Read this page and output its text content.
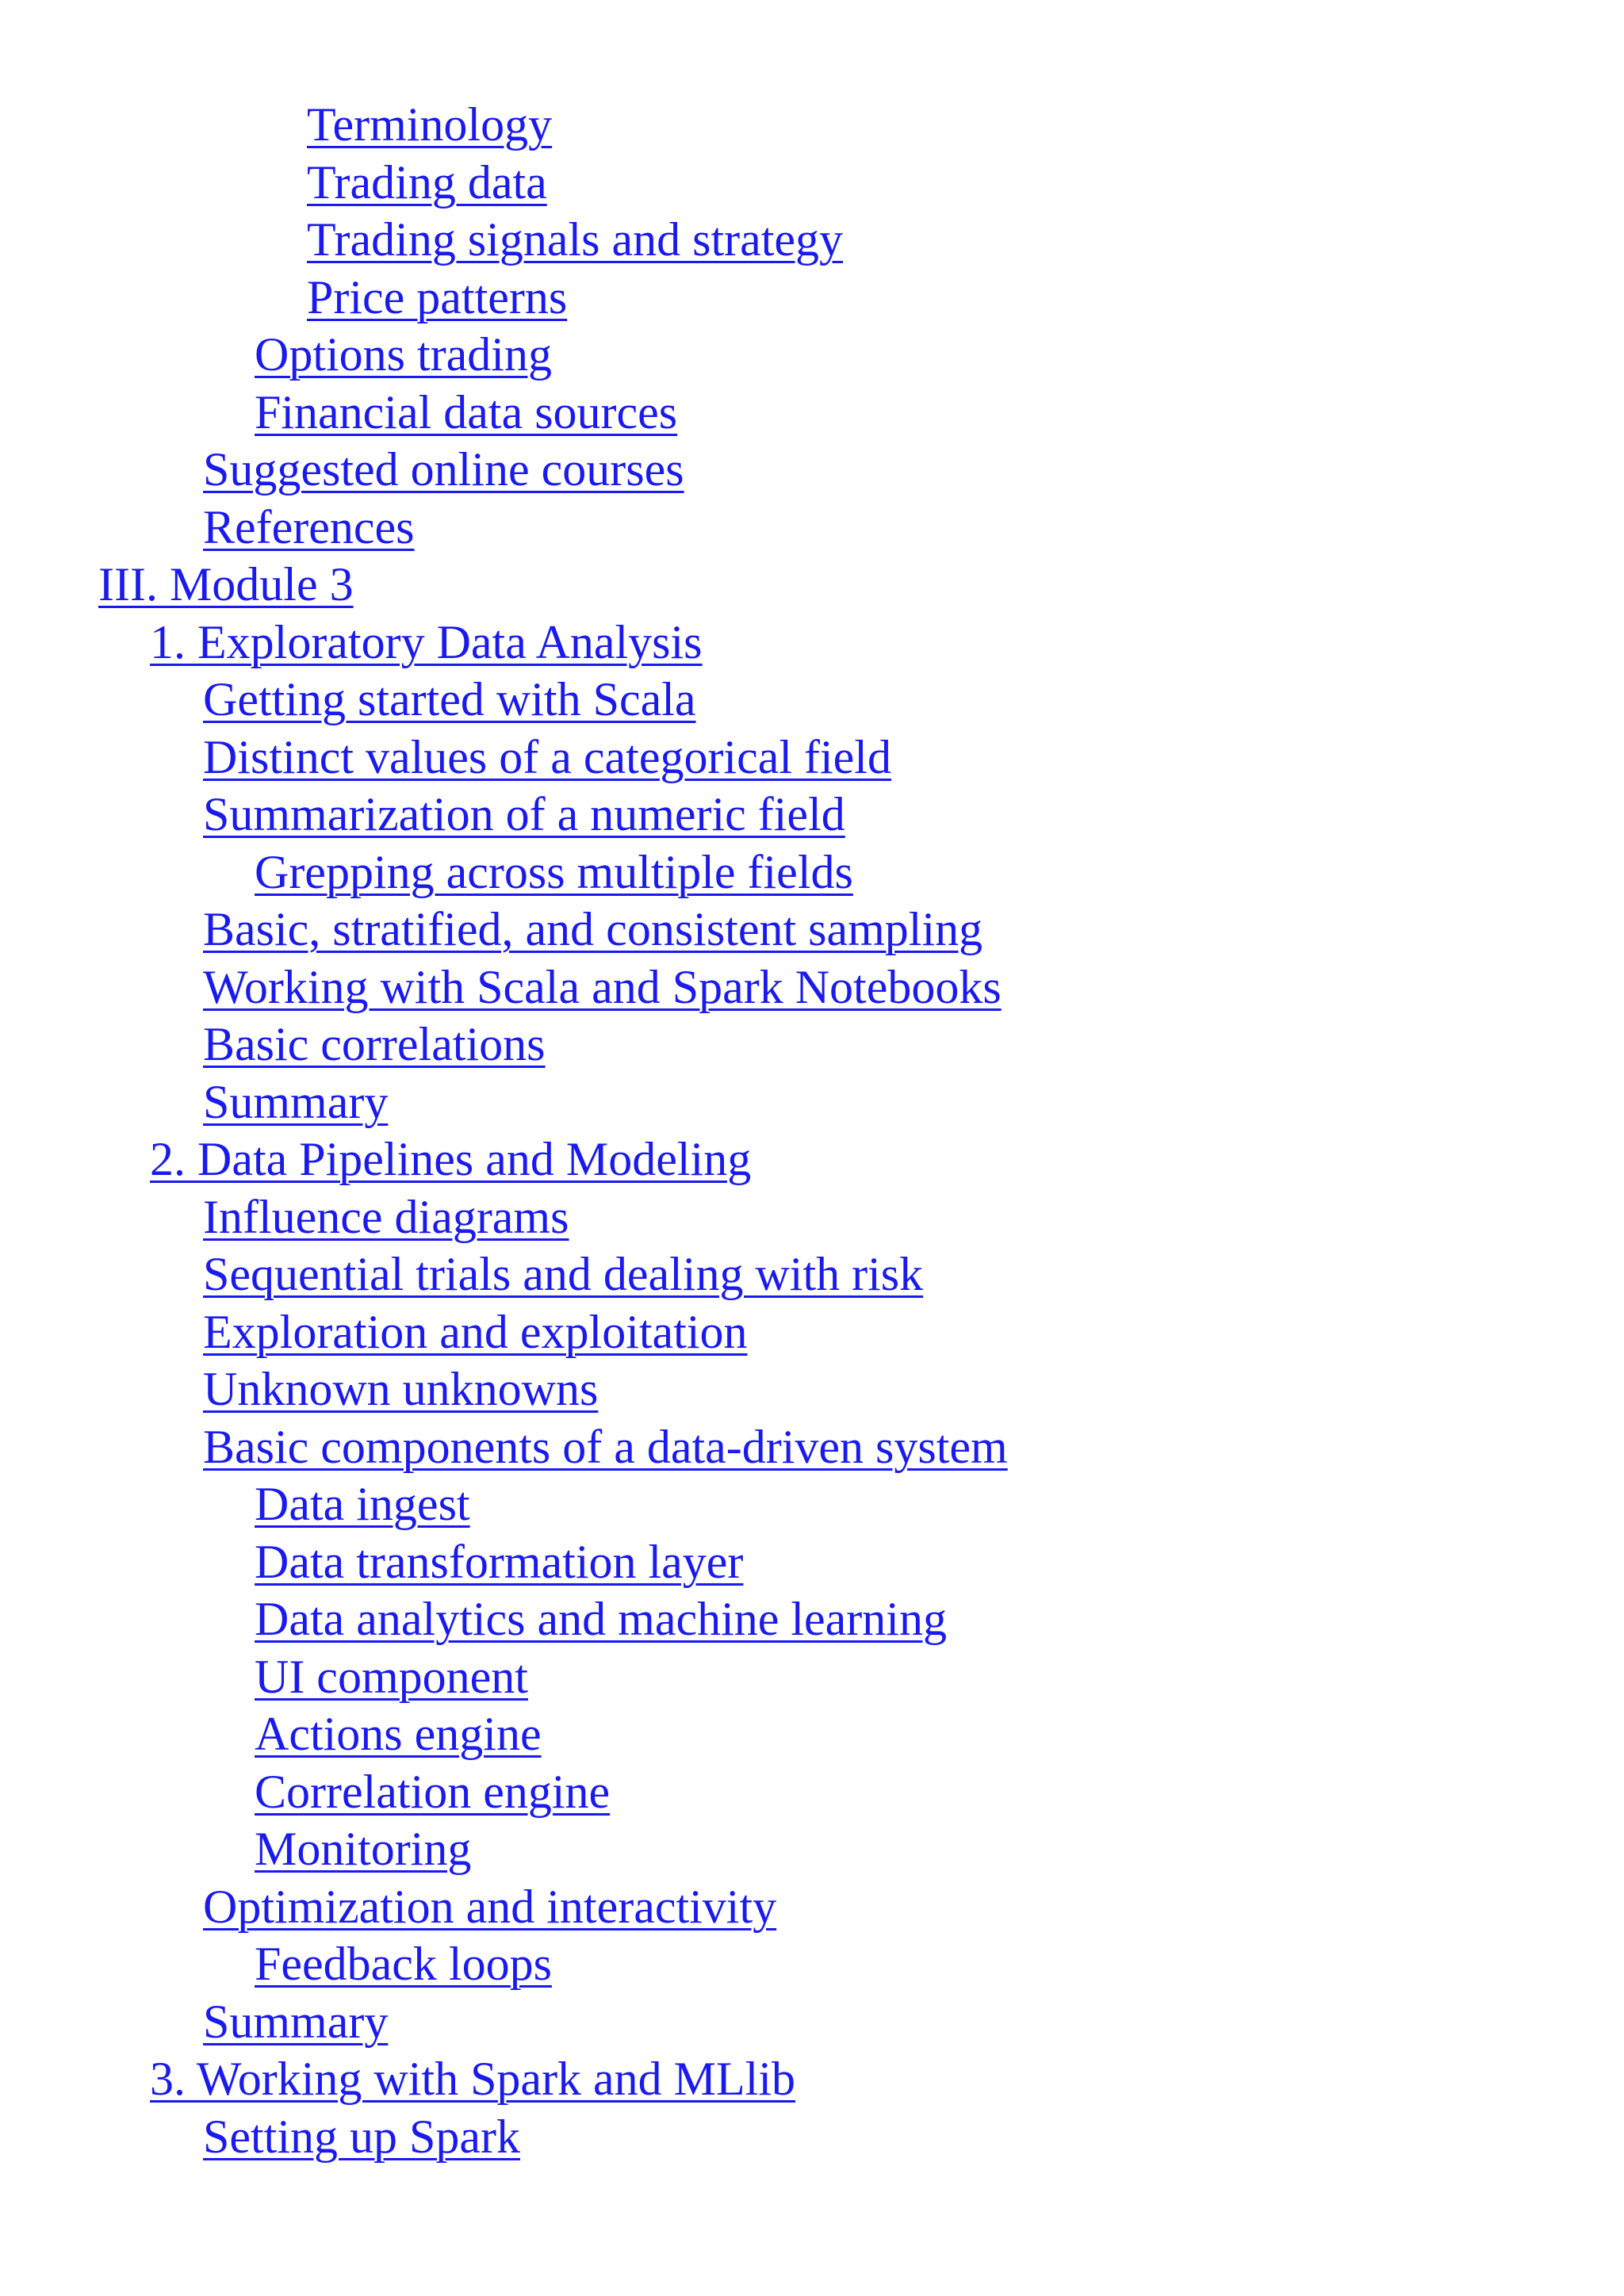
Terminology
Trading data
Trading signals and strategy
Price patterns
Options trading
Financial data sources
Suggested online courses
References
III. Module 3
1. Exploratory Data Analysis
Getting started with Scala
Distinct values of a categorical field
Summarization of a numeric field
Grepping across multiple fields
Basic, stratified, and consistent sampling
Working with Scala and Spark Notebooks
Basic correlations
Summary
2. Data Pipelines and Modeling
Influence diagrams
Sequential trials and dealing with risk
Exploration and exploitation
Unknown unknowns
Basic components of a data-driven system
Data ingest
Data transformation layer
Data analytics and machine learning
UI component
Actions engine
Correlation engine
Monitoring
Optimization and interactivity
Feedback loops
Summary
3. Working with Spark and MLlib
Setting up Spark
